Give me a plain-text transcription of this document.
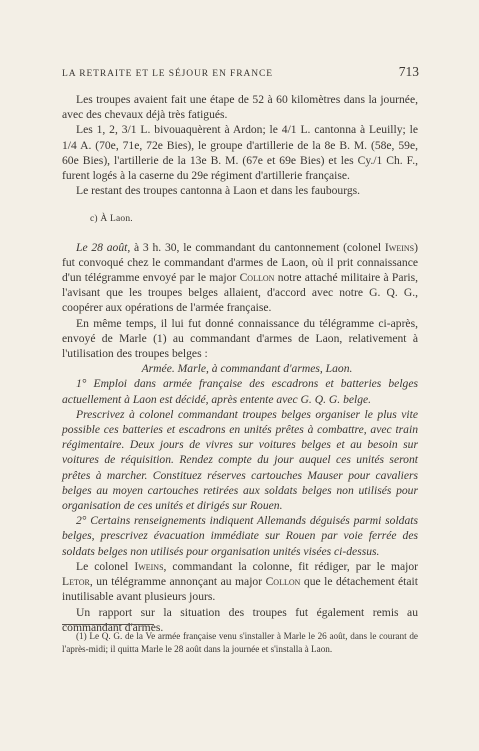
LA RETRAITE ET LE SÉJOUR EN FRANCE	713

Les troupes avaient fait une étape de 52 à 60 kilomètres dans la journée, avec des chevaux déjà très fatigués.

Les 1, 2, 3/1 L. bivouaquèrent à Ardon; le 4/1 L. cantonna à Leuilly; le 1/4 A. (70e, 71e, 72e Bies), le groupe d'artillerie de la 8e B. M. (58e, 59e, 60e Bies), l'artillerie de la 13e B. M. (67e et 69e Bies) et les Cy./1 Ch. F., furent logés à la caserne du 29e régiment d'artillerie française.

Le restant des troupes cantonna à Laon et dans les faubourgs.

c) À Laon.

Le 28 août, à 3 h. 30, le commandant du cantonnement (colonel Iweins) fut convoqué chez le commandant d'armes de Laon, où il prit connaissance d'un télégramme envoyé par le major Collon notre attaché militaire à Paris, l'avisant que les troupes belges allaient, d'accord avec notre G. Q. G., coopérer aux opérations de l'armée française.

En même temps, il lui fut donné connaissance du télégramme ci-après, envoyé de Marle (1) au commandant d'armes de Laon, relativement à l'utilisation des troupes belges :

Armée. Marle, à commandant d'armes, Laon.

1° Emploi dans armée française des escadrons et batteries belges actuellement à Laon est décidé, après entente avec G. Q. G. belge.

Prescrivez à colonel commandant troupes belges organiser le plus vite possible ces batteries et escadrons en unités prêtes à combattre, avec train régimentaire. Deux jours de vivres sur voitures belges et au besoin sur voitures de réquisition. Rendez compte du jour auquel ces unités seront prêtes à marcher. Constituez réserves cartouches Mauser pour cavaliers belges au moyen cartouches retirées aux soldats belges non utilisés pour organisation de ces unités et dirigés sur Rouen.

2° Certains renseignements indiquent Allemands déguisés parmi soldats belges, prescrivez évacuation immédiate sur Rouen par voie ferrée des soldats belges non utilisés pour organisation unités visées ci-dessus.

Le colonel Iweins, commandant la colonne, fit rédiger, par le major Letor, un télégramme annonçant au major Collon que le détachement était inutilisable avant plusieurs jours.

Un rapport sur la situation des troupes fut également remis au commandant d'armes.

(1) Le Q. G. de la Ve armée française venu s'installer à Marle le 26 août, dans le courant de l'après-midi; il quitta Marle le 28 août dans la journée et s'installa à Laon.
